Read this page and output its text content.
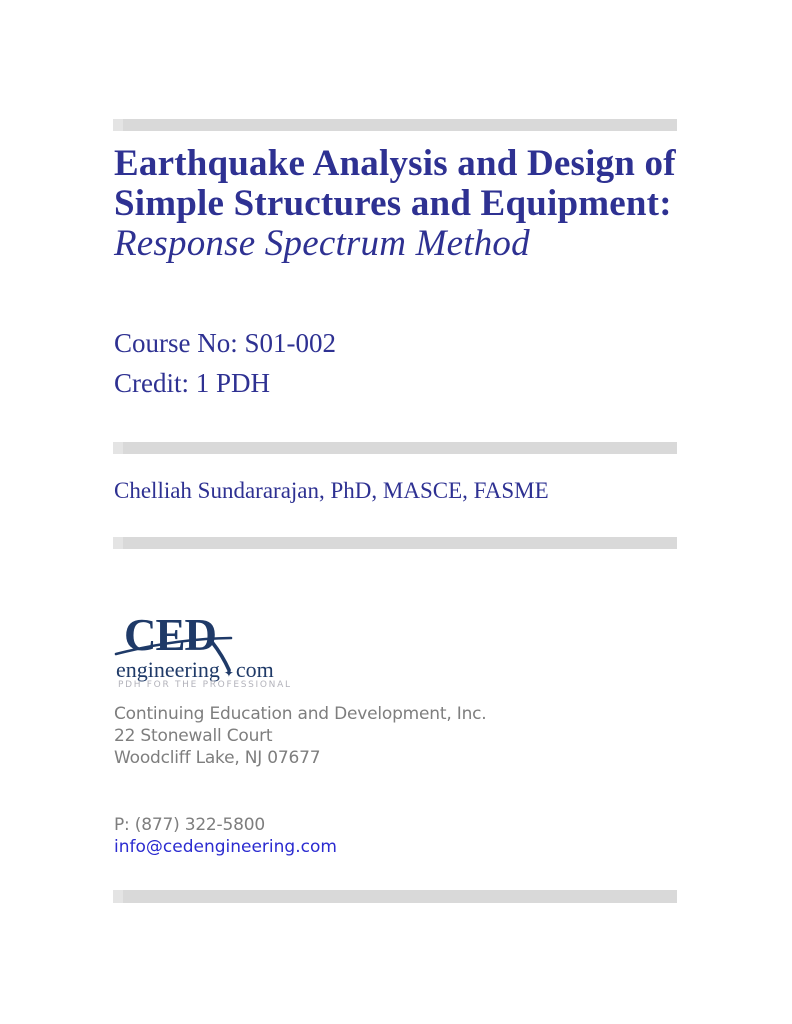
Earthquake Analysis and Design of
Simple Structures and Equipment:
Response Spectrum Method
Course No: S01-002
Credit: 1 PDH
Chelliah Sundararajan, PhD, MASCE, FASME
CED
engineering ✦ com
PDH FOR THE PROFESSIONAL
Continuing Education and Development, Inc.
22 Stonewall Court
Woodcliff Lake, NJ 07677
P: (877) 322-5800
info@cedengineering.com
